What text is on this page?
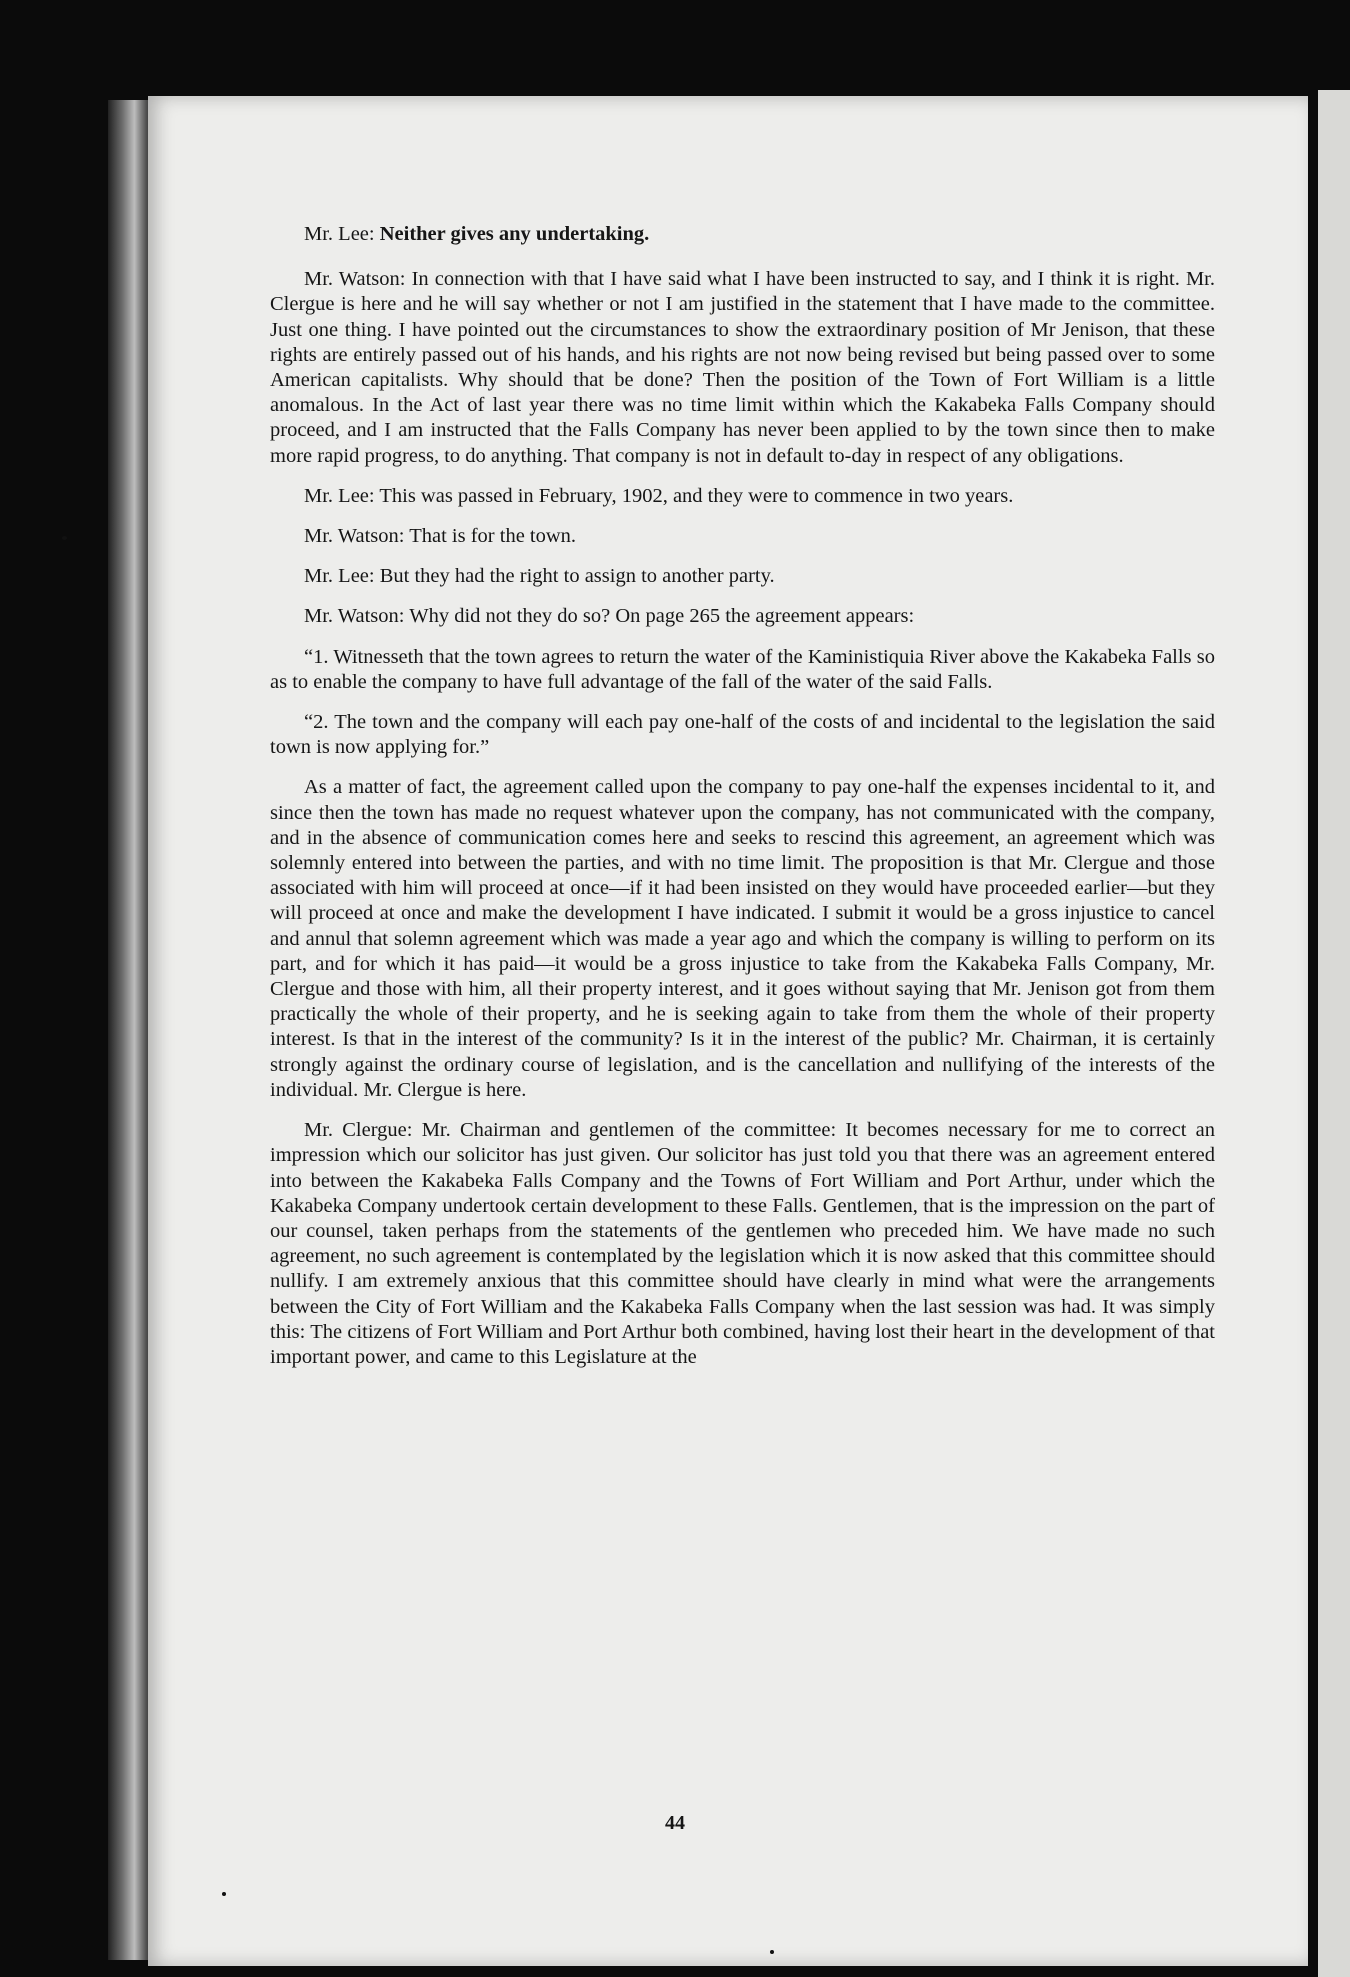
Mr. Lee: Neither gives any undertaking.

Mr. Watson: In connection with that I have said what I have been instructed to say, and I think it is right. Mr. Clergue is here and he will say whether or not I am justified in the statement that I have made to the committee. Just one thing. I have pointed out the circumstances to show the extraordinary position of Mr Jenison, that these rights are entirely passed out of his hands, and his rights are not now being revised but being passed over to some American capitalists. Why should that be done? Then the position of the Town of Fort William is a little anomalous. In the Act of last year there was no time limit within which the Kakabeka Falls Company should proceed, and I am instructed that the Falls Company has never been applied to by the town since then to make more rapid progress, to do anything. That company is not in default to-day in respect of any obligations.

Mr. Lee: This was passed in February, 1902, and they were to commence in two years.

Mr. Watson: That is for the town.

Mr. Lee: But they had the right to assign to another party.

Mr. Watson: Why did not they do so? On page 265 the agreement appears:

“1. Witnesseth that the town agrees to return the water of the Kaministiquia River above the Kakabeka Falls so as to enable the company to have full advantage of the fall of the water of the said Falls.

“2. The town and the company will each pay one-half of the costs of and incidental to the legislation the said town is now applying for.”

As a matter of fact, the agreement called upon the company to pay one-half the expenses incidental to it, and since then the town has made no request whatever upon the company, has not communicated with the company, and in the absence of communication comes here and seeks to rescind this agreement, an agreement which was solemnly entered into between the parties, and with no time limit. The proposition is that Mr. Clergue and those associated with him will proceed at once—if it had been insisted on they would have proceeded earlier—but they will proceed at once and make the development I have indicated. I submit it would be a gross injustice to cancel and annul that solemn agreement which was made a year ago and which the company is willing to perform on its part, and for which it has paid—it would be a gross injustice to take from the Kakabeka Falls Company, Mr. Clergue and those with him, all their property interest, and it goes without saying that Mr. Jenison got from them practically the whole of their property, and he is seeking again to take from them the whole of their property interest. Is that in the interest of the community? Is it in the interest of the public? Mr. Chairman, it is certainly strongly against the ordinary course of legislation, and is the cancellation and nullifying of the interests of the individual. Mr. Clergue is here.

Mr. Clergue: Mr. Chairman and gentlemen of the committee: It becomes necessary for me to correct an impression which our solicitor has just given. Our solicitor has just told you that there was an agreement entered into between the Kakabeka Falls Company and the Towns of Fort William and Port Arthur, under which the Kakabeka Company undertook certain development to these Falls. Gentlemen, that is the impression on the part of our counsel, taken perhaps from the statements of the gentlemen who preceded him. We have made no such agreement, no such agreement is contemplated by the legislation which it is now asked that this committee should nullify. I am extremely anxious that this committee should have clearly in mind what were the arrangements between the City of Fort William and the Kakabeka Falls Company when the last session was had. It was simply this: The citizens of Fort William and Port Arthur both combined, having lost their heart in the development of that important power, and came to this Legislature at the

44
